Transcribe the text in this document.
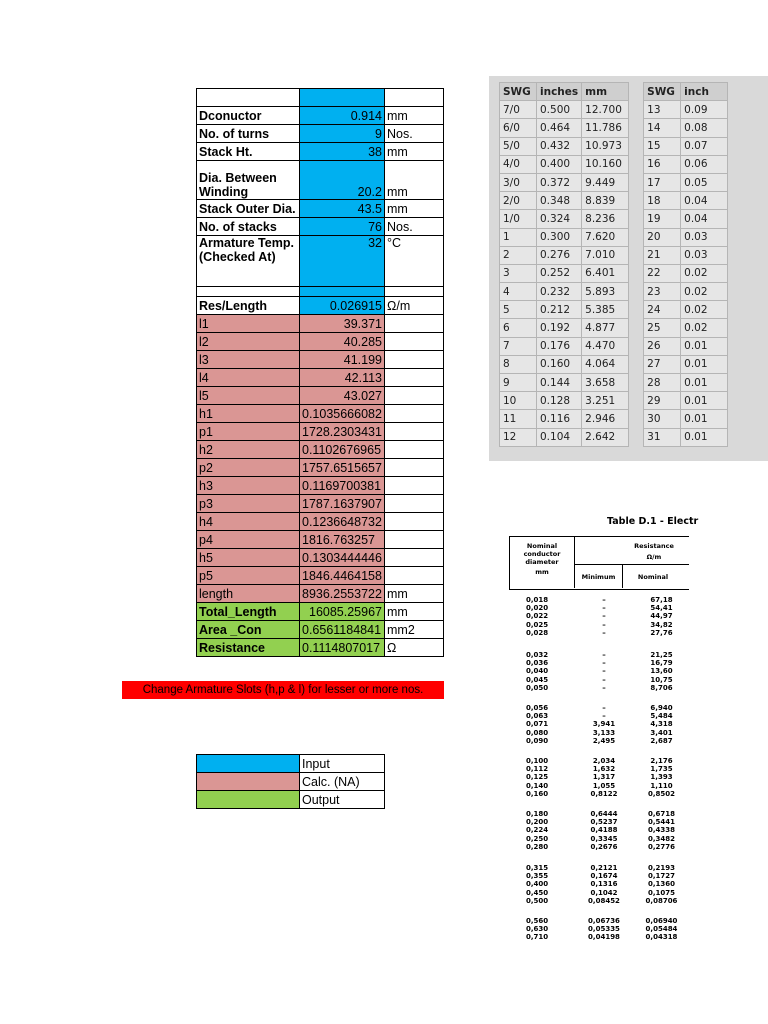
Dconuctor	0.914	mm
No. of turns	9	Nos.
Stack Ht.	38	mm
Dia. Between Winding	20.2	mm
Stack Outer Dia.	43.5	mm
No. of stacks	76	Nos.
Armature Temp. (Checked At)	32	°C

Res/Length	0.026915	Ω/m
l1	39.371	
l2	40.285	
l3	41.199	
l4	42.113	
l5	43.027	
h1	0.1035666082	
p1	1728.2303431	
h2	0.1102676965	
p2	1757.6515657	
h3	0.1169700381	
p3	1787.1637907	
h4	0.1236648732	
p4	1816.763257	
h5	0.1303444446	
p5	1846.4464158	
length	8936.2553722	mm
Total_Length	16085.25967	mm
Area _Con	0.6561184841	mm2
Resistance	0.1114807017	Ω
Change Armature Slots (h,p & l) for lesser or more nos.
	Input
	Calc. (NA)
	Output
SWG	inches	mm		SWG	inch
7/0	0.500	12.700		13	0.09
6/0	0.464	11.786		14	0.08
5/0	0.432	10.973		15	0.07
4/0	0.400	10.160		16	0.06
3/0	0.372	9.449		17	0.05
2/0	0.348	8.839		18	0.04
1/0	0.324	8.236		19	0.04
1	0.300	7.620		20	0.03
2	0.276	7.010		21	0.03
3	0.252	6.401		22	0.02
4	0.232	5.893		23	0.02
5	0.212	5.385		24	0.02
6	0.192	4.877		25	0.02
7	0.176	4.470		26	0.01
8	0.160	4.064		27	0.01
9	0.144	3.658		28	0.01
10	0.128	3.251		29	0.01
11	0.116	2.946		30	0.01
12	0.104	2.642		31	0.01
Table D.1 - Electr
Nominal conductor diameter
mm
Resistance
Ω/m
Minimum	Nominal
0,018	–	67,18
0,020	–	54,41
0,022	–	44,97
0,025	–	34,82
0,028	–	27,76
0,032	–	21,25
0,036	–	16,79
0,040	–	13,60
0,045	–	10,75
0,050	–	8,706
0,056	–	6,940
0,063	–	5,484
0,071	3,941	4,318
0,080	3,133	3,401
0,090	2,495	2,687
0,100	2,034	2,176
0,112	1,632	1,735
0,125	1,317	1,393
0,140	1,055	1,110
0,160	0,8122	0,8502
0,180	0,6444	0,6718
0,200	0,5237	0,5441
0,224	0,4188	0,4338
0,250	0,3345	0,3482
0,280	0,2676	0,2776
0,315	0,2121	0,2193
0,355	0,1674	0,1727
0,400	0,1316	0,1360
0,450	0,1042	0,1075
0,500	0,08452	0,08706
0,560	0,06736	0,06940
0,630	0,05335	0,05484
0,710	0,04198	0,04318
